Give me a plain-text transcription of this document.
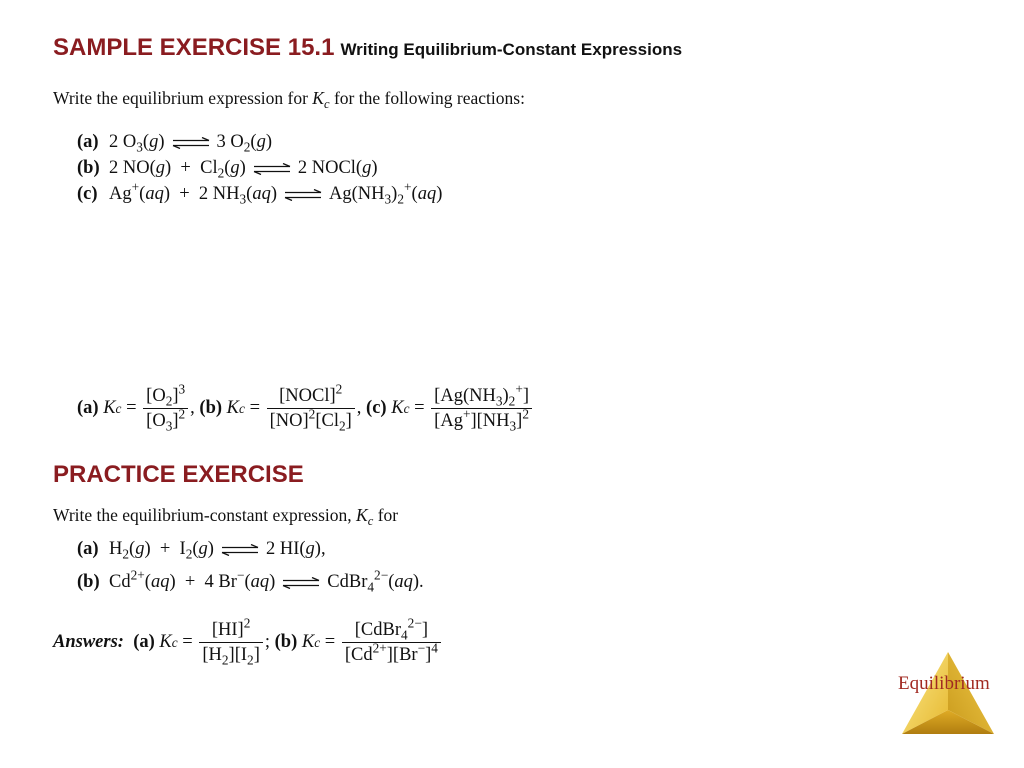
SAMPLE EXERCISE 15.1 Writing Equilibrium-Constant Expressions
Write the equilibrium expression for $K_c$ for the following reactions:
(a) 2 $O_3(g)$ ⇌ 3 $O_2(g)$
(b) 2 $NO(g) + Cl_2(g)$ ⇌ 2 NOCl(g)
(c) Ag+(aq)  +  2 $NH_3(aq)$ ⇌ $Ag(NH_3)_2^+(aq)$
(a)
K $c = \frac{[O_2]^3}{[O_3]^2}$ , (b)
K $c = \frac{[NOCl]^2}{[NO]^2[Cl_2]}$ , (c)
K $c = \frac{[Ag(NH_3)_2^+]}{[Ag^+][NH_3]^2}$
PRACTICE EXERCISE
Write the equilibrium-constant expression, $K_c$ for
(a) $H_2(g) + I_2(g)$ ⇌ 2 HI(g),
(b) $Cd^{2+}(aq) + 4$ Br−(aq) ⇌ CdBr$_4^{2-}$(aq).
Answers:
(a)
K $c = \frac{[HI]^2}{[H_2][I_2]}$ ; (b)
K $c = \frac{[CdBr_4^{2-}]}{[Cd^{2+}][Br^-]^4}$
Equilibrium
